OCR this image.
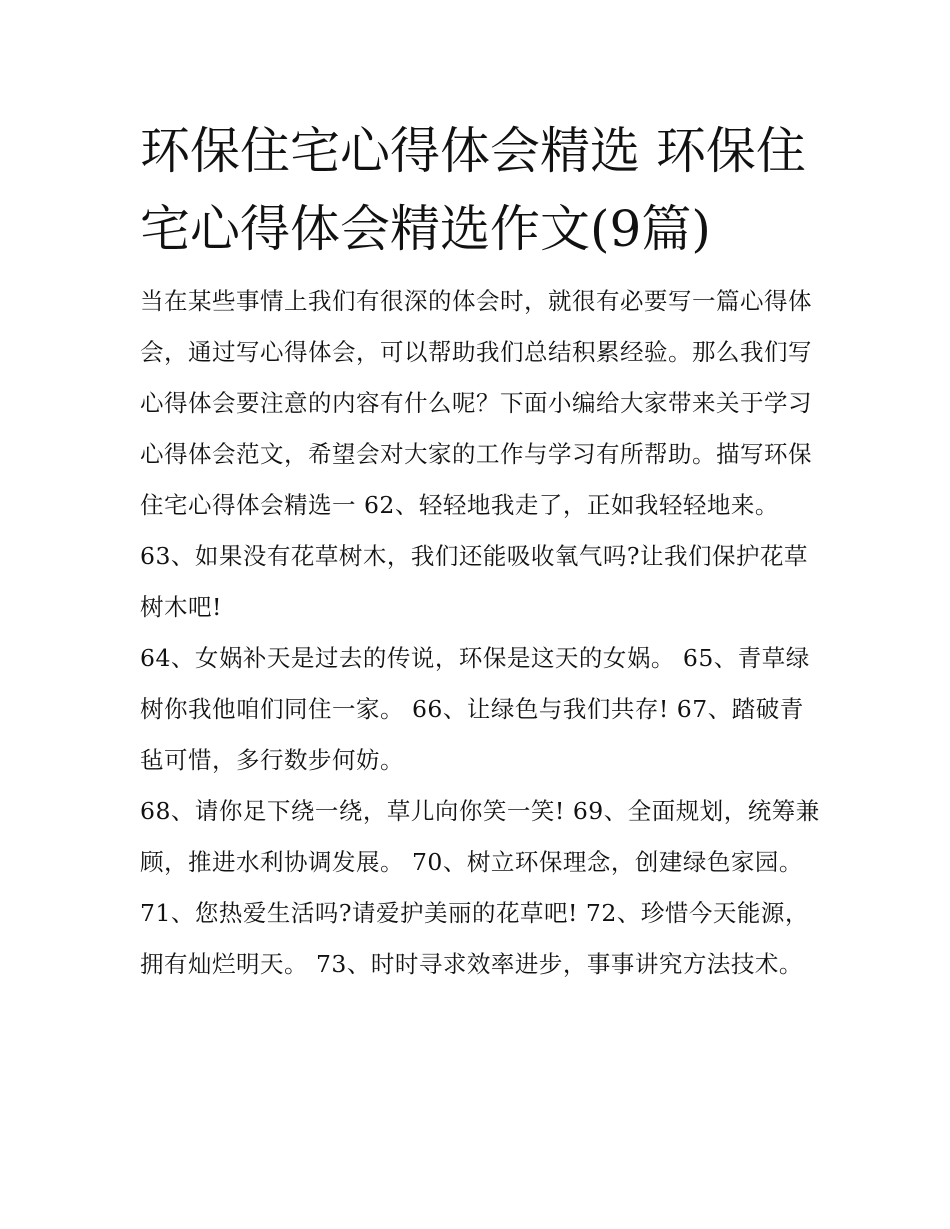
环保住宅心得体会精选 环保住宅心得体会精选作文(9篇)

当在某些事情上我们有很深的体会时，就很有必要写一篇心得体会，通过写心得体会，可以帮助我们总结积累经验。那么我们写心得体会要注意的内容有什么呢？下面小编给大家带来关于学习心得体会范文，希望会对大家的工作与学习有所帮助。描写环保住宅心得体会精选一 62、轻轻地我走了，正如我轻轻地来。 63、如果没有花草树木，我们还能吸收氧气吗?让我们保护花草树木吧!

64、女娲补天是过去的传说，环保是这天的女娲。 65、青草绿树你我他咱们同住一家。 66、让绿色与我们共存! 67、踏破青毡可惜，多行数步何妨。

68、请你足下绕一绕，草儿向你笑一笑! 69、全面规划，统筹兼顾，推进水利协调发展。 70、树立环保理念，创建绿色家园。

71、您热爱生活吗?请爱护美丽的花草吧! 72、珍惜今天能源，拥有灿烂明天。 73、时时寻求效率进步，事事讲究方法技术。
